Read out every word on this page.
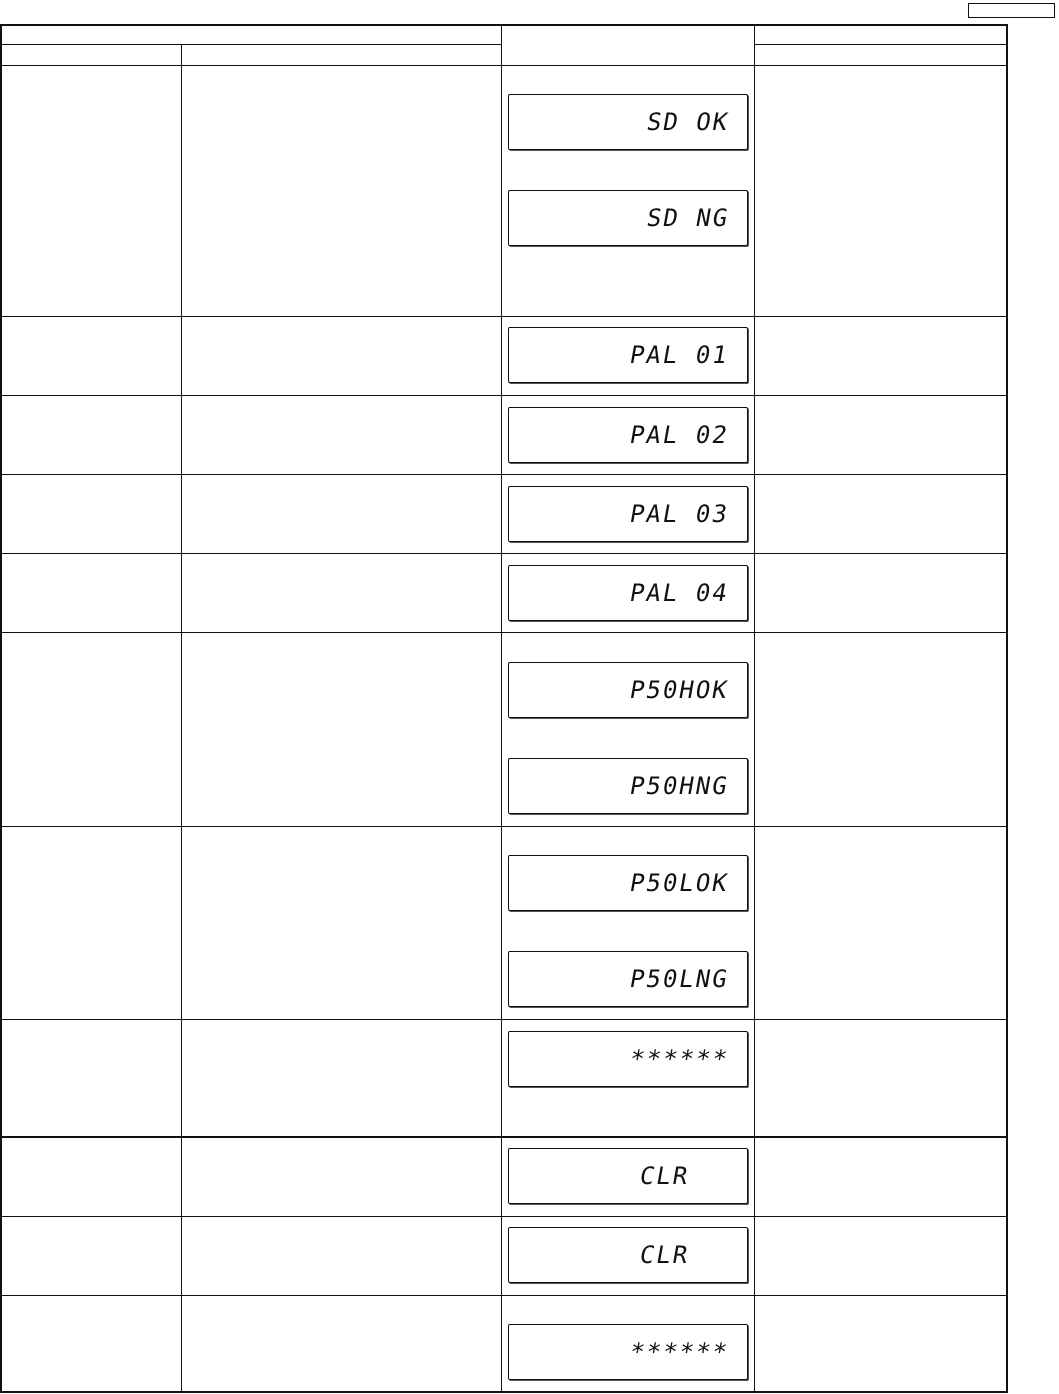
SD OK
SD NG
PAL 01
PAL 02
PAL 03
PAL 04
P50HOK
P50HNG
P50LOK
P50LNG
******
CLR
CLR
******
